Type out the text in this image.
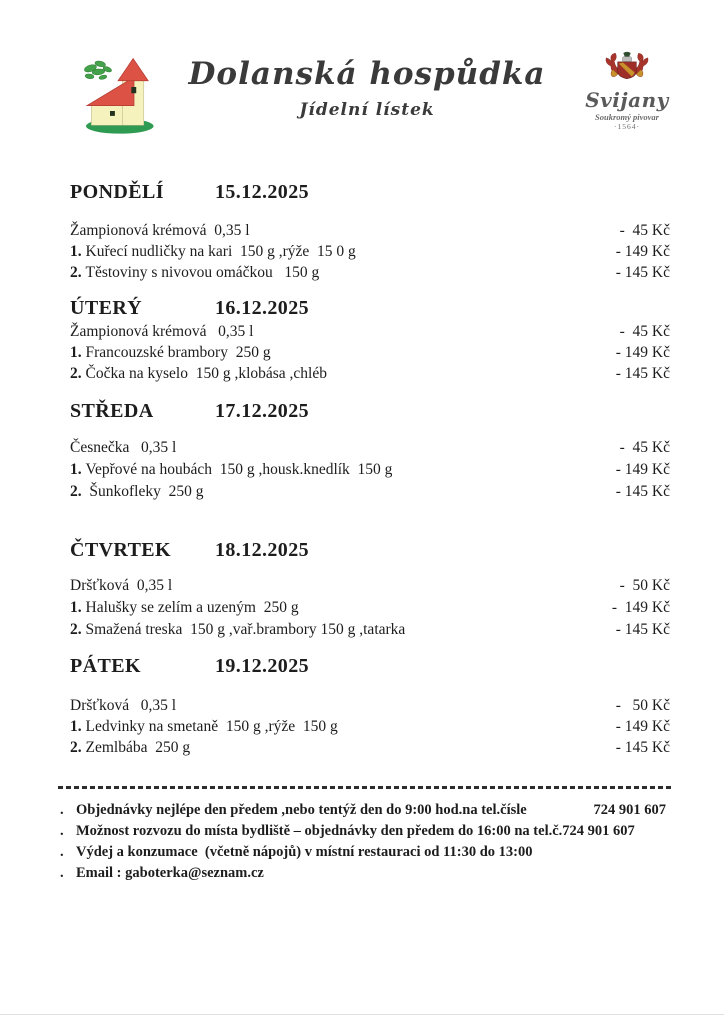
Dolanská hospůdka
Jídelní lístek	Svijany
Soukromý pivovar
·1564·
PONDĚLÍ	15.12.2025
Žampionová krémová  0,35 l	-  45 Kč
1. Kuřecí nudličky na kari  150 g ,rýže  15 0 g	- 149 Kč
2. Těstoviny s nivovou omáčkou   150 g	- 145 Kč
ÚTERÝ	16.12.2025
Žampionová krémová   0,35 l	-  45 Kč
1. Francouzské brambory  250 g	- 149 Kč
2. Čočka na kyselo  150 g ,klobása ,chléb	- 145 Kč
STŘEDA	17.12.2025
Česnečka   0,35 l	-  45 Kč
1. Vepřové na houbách  150 g ,housk.knedlík  150 g	- 149 Kč
2.  Šunkofleky  250 g	- 145 Kč
ČTVRTEK 18.12.2025
Dršťková  0,35 l	-  50 Kč
1. Halušky se zelím a uzeným  250 g	-  149 Kč
2. Smažená treska  150 g ,vař.brambory 150 g ,tatarka	- 145 Kč
PÁTEK	19.12.2025
Dršťková   0,35 l	-   50 Kč
1. Ledvinky na smetaně  150 g ,rýže  150 g	- 149 Kč
2. Zemlbába  250 g	- 145 Kč
. Objednávky nejlépe den předem ,nebo tentýž den do 9:00 hod.na tel.čísle	724 901 607
. Možnost rozvozu do místa bydliště – objednávky den předem do 16:00 na tel.č.724 901 607
. Výdej a konzumace  (včetně nápojů) v místní restauraci od 11:30 do 13:00
. Email : gaboterka@seznam.cz
